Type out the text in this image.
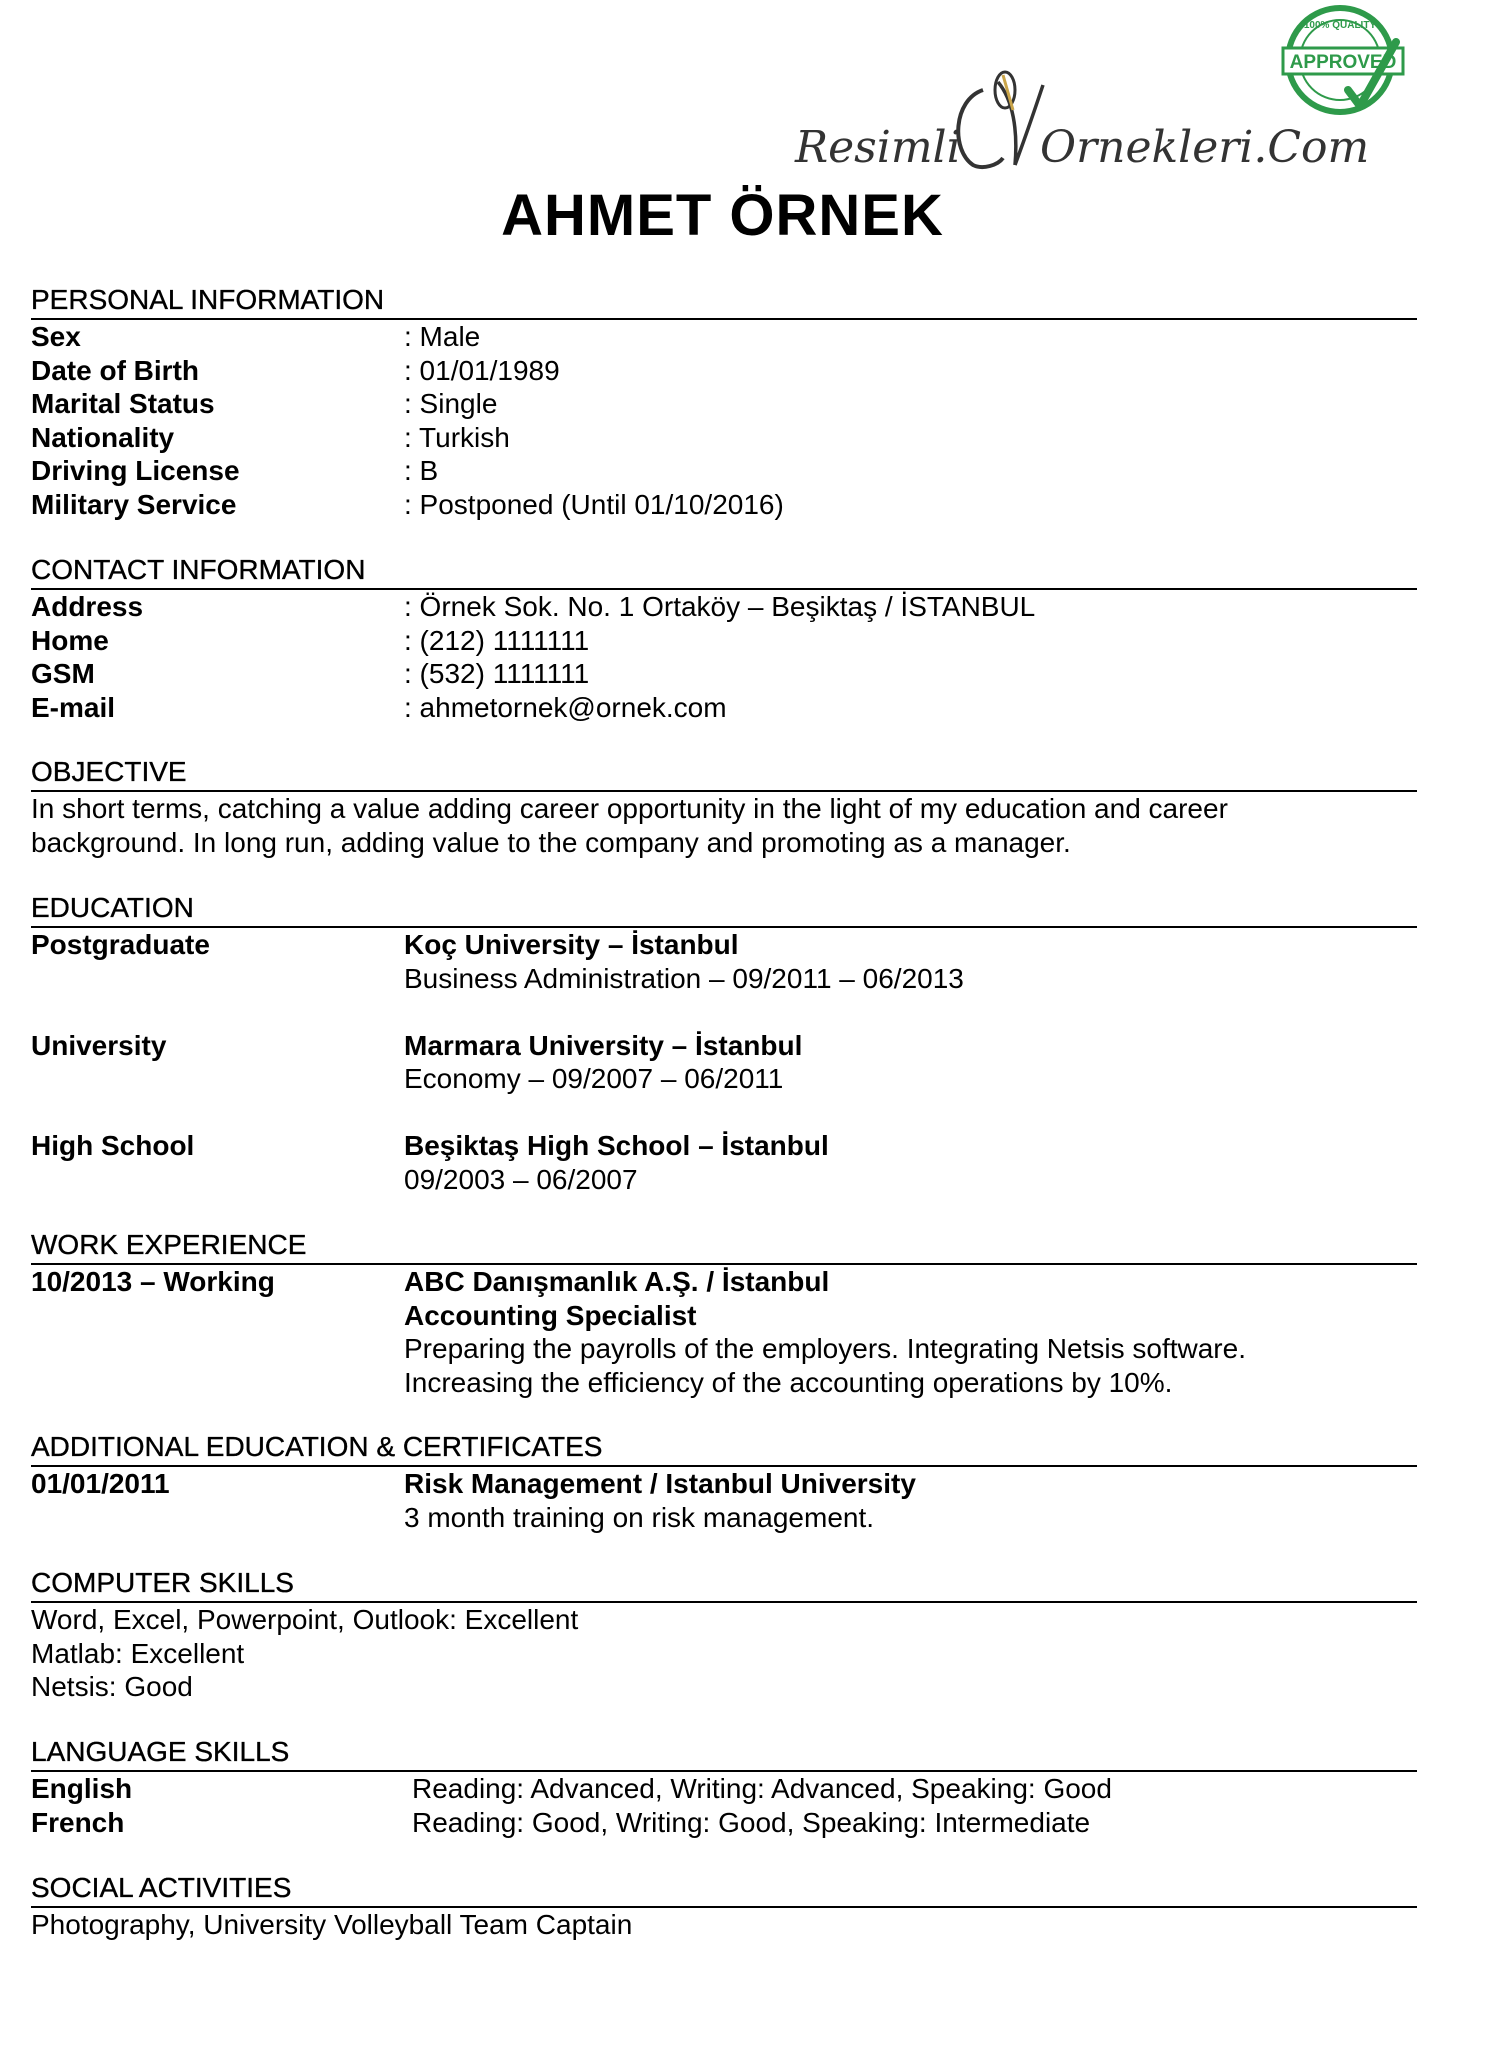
Resimli Ornekleri.Com
APPROVED
100% QUALITY
AHMET ÖRNEK
PERSONAL INFORMATION
Sex	: Male
Date of Birth	: 01/01/1989
Marital Status	: Single
Nationality	: Turkish
Driving License	: B
Military Service	: Postponed (Until 01/10/2016)
CONTACT INFORMATION
Address	: Örnek Sok. No. 1 Ortaköy – Beşiktaş / İSTANBUL
Home	: (212) 1111111
GSM	: (532) 1111111
E-mail	: ahmetornek@ornek.com
OBJECTIVE
In short terms, catching a value adding career opportunity in the light of my education and career
background. In long run, adding value to the company and promoting as a manager.
EDUCATION
Postgraduate	Koç University – İstanbul
Business Administration – 09/2011 – 06/2013
University	Marmara University – İstanbul
Economy – 09/2007 – 06/2011
High School	Beşiktaş High School – İstanbul
09/2003 – 06/2007
WORK EXPERIENCE
10/2013 – Working	ABC Danışmanlık A.Ş. / İstanbul
Accounting Specialist
Preparing the payrolls of the employers. Integrating Netsis software.
Increasing the efficiency of the accounting operations by 10%.
ADDITIONAL EDUCATION & CERTIFICATES
01/01/2011	Risk Management / Istanbul University
3 month training on risk management.
COMPUTER SKILLS
Word, Excel, Powerpoint, Outlook: Excellent
Matlab: Excellent
Netsis: Good
LANGUAGE SKILLS
English	Reading: Advanced, Writing: Advanced, Speaking: Good
French	Reading: Good, Writing: Good, Speaking: Intermediate
SOCIAL ACTIVITIES
Photography, University Volleyball Team Captain
